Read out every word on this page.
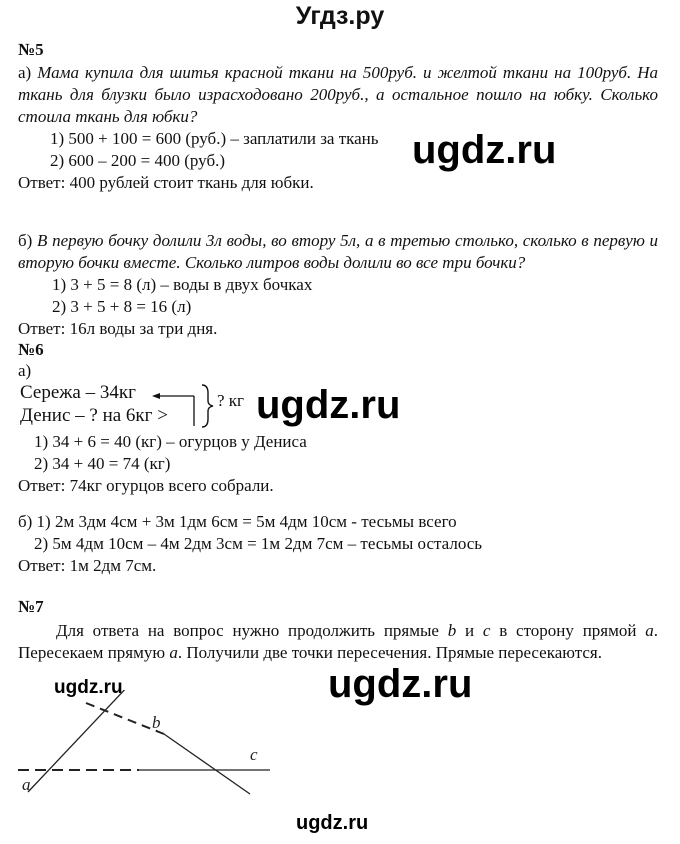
Угдз.ру
№5
а) Мама купила для шитья красной ткани на 500руб. и желтой ткани на 100руб. На ткань для блузки было израсходовано 200руб., а остальное пошло на юбку. Сколько стоила ткань для юбки?
1) 500 + 100 = 600 (руб.) – заплатили за ткань
2) 600 – 200 = 400 (руб.)
Ответ: 400 рублей стоит ткань для юбки.
ugdz.ru
б) В первую бочку долили 3л воды, во втору 5л, а в третью столько, сколько в первую и вторую бочки вместе. Сколько литров воды долили во все три бочки?
1) 3 + 5 = 8 (л) – воды в двух бочках
2) 3 + 5 + 8 = 16 (л)
Ответ: 16л воды за три дня.
№6
а)
Сережа – 34кг
Денис – ? на 6кг >
? кг ugdz.ru
1) 34 + 6 = 40 (кг) – огурцов у Дениса
2) 34 + 40 = 74 (кг)
Ответ: 74кг огурцов всего собрали.
б) 1) 2м 3дм 4см + 3м 1дм 6см = 5м 4дм 10см - тесьмы всего
2) 5м 4дм 10см – 4м 2дм 3см = 1м 2дм 7см – тесьмы осталось
Ответ: 1м 2дм 7см.
№7
Для ответа на вопрос нужно продолжить прямые b и c в сторону прямой a. Пересекаем прямую a. Получили две точки пересечения. Прямые пересекаются.
ugdz.ru	ugdz.ru
b
c
a
ugdz.ru
